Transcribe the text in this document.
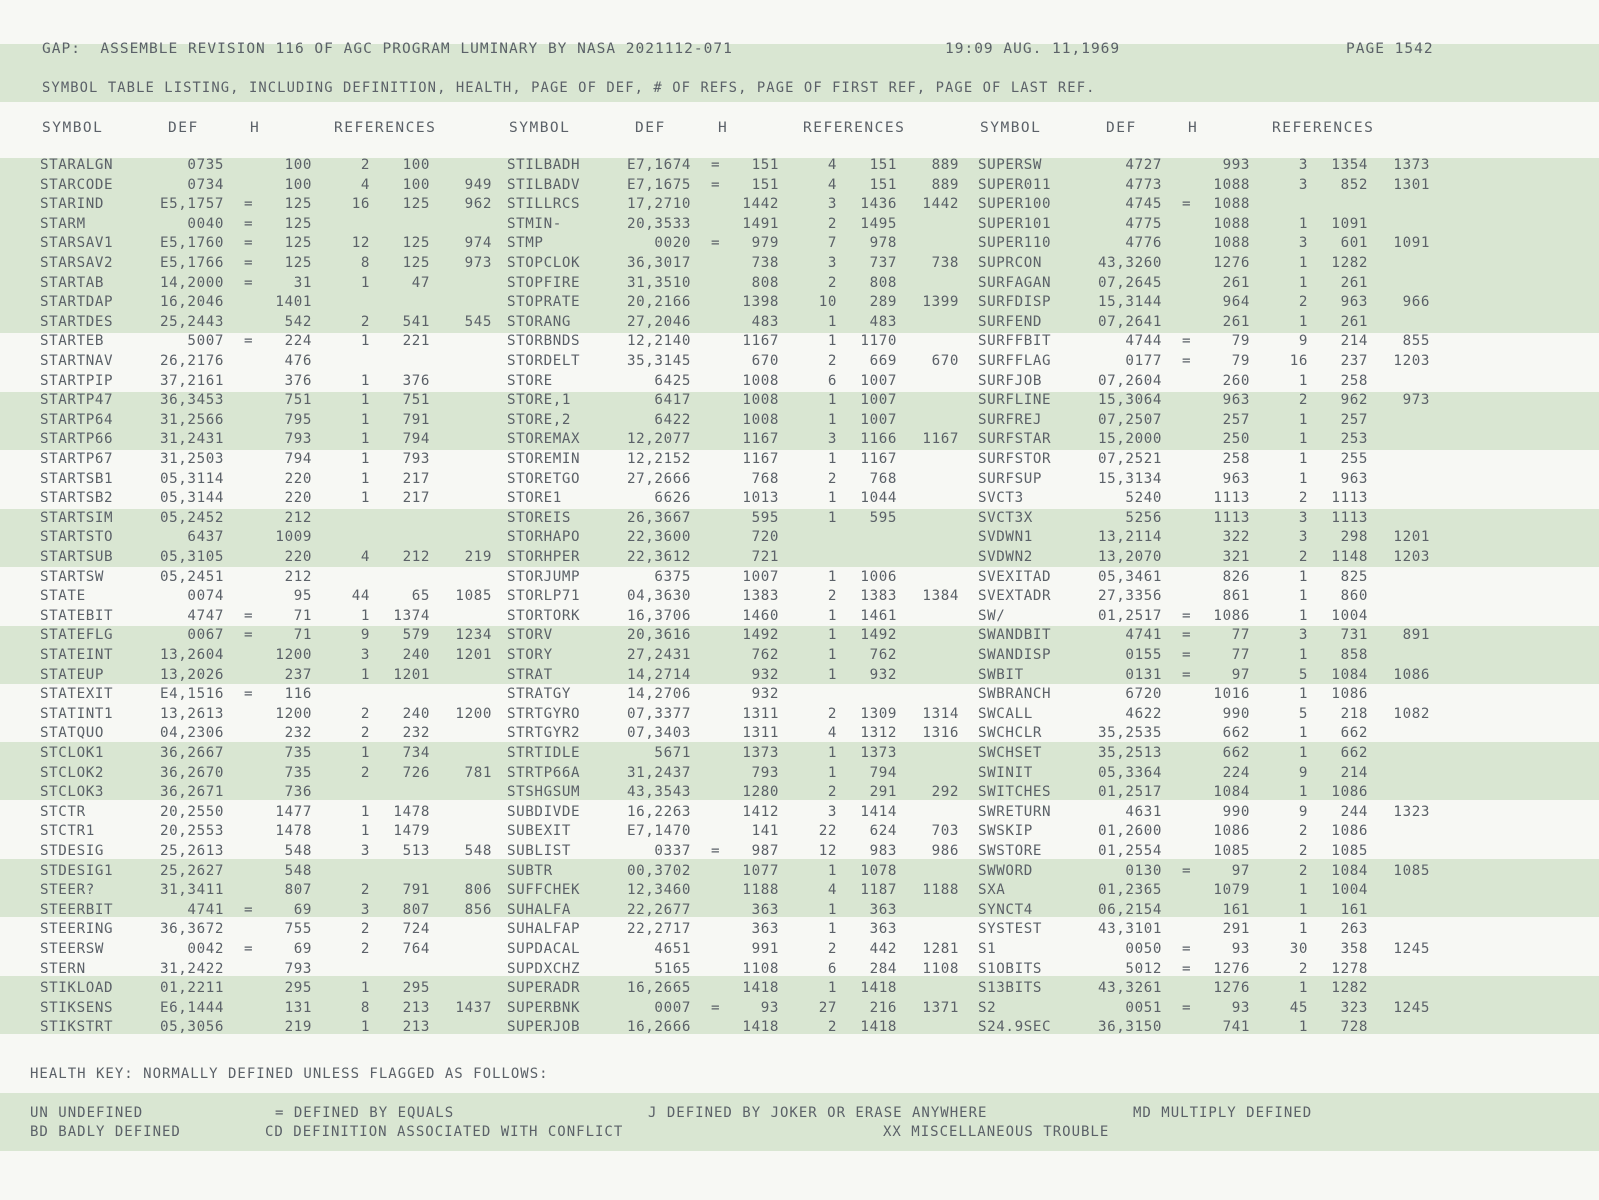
GAP:  ASSEMBLE REVISION 116 OF AGC PROGRAM LUMINARY BY NASA 2021112-071	19:09 AUG. 11,1969	PAGE 1542
SYMBOL TABLE LISTING, INCLUDING DEFINITION, HEALTH, PAGE OF DEF, # OF REFS, PAGE OF FIRST REF, PAGE OF LAST REF.
SYMBOL	DEF	H	REFERENCES	SYMBOL	DEF	H	REFERENCES	SYMBOL	DEF	H	REFERENCES
STARALGN	0735	100	2	100
STARCODE	0734	100	4	100	949
STARIND	E5,1757 =	125	16	125	962
STARM	0040 =	125
STARSAV1	E5,1760 =	125	12	125	974
STARSAV2	E5,1766 =	125	8	125	973
STARTAB	14,2000 =	31	1	47
STARTDAP	16,2046	1401
STARTDES	25,2443	542	2	541	545
STARTEB	5007 =	224	1	221
STARTNAV	26,2176	476
STARTPIP	37,2161	376	1	376
STARTP47	36,3453	751	1	751
STARTP64	31,2566	795	1	791
STARTP66	31,2431	793	1	794
STARTP67	31,2503	794	1	793
STARTSB1	05,3114	220	1	217
STARTSB2	05,3144	220	1	217
STARTSIM	05,2452	212
STARTSTO	6437	1009
STARTSUB	05,3105	220	4	212	219
STARTSW	05,2451	212
STATE	0074	95	44	65	1085
STATEBIT	4747 =	71	1	1374
STATEFLG	0067 =	71	9	579	1234
STATEINT	13,2604	1200	3	240	1201
STATEUP	13,2026	237	1	1201
STATEXIT	E4,1516 =	116
STATINT1	13,2613	1200	2	240	1200
STATQUO	04,2306	232	2	232
STCLOK1	36,2667	735	1	734
STCLOK2	36,2670	735	2	726	781
STCLOK3	36,2671	736
STCTR	20,2550	1477	1	1478
STCTR1	20,2553	1478	1	1479
STDESIG	25,2613	548	3	513	548
STDESIG1	25,2627	548
STEER?	31,3411	807	2	791	806
STEERBIT	4741 =	69	3	807	856
STEERING	36,3672	755	2	724
STEERSW	0042 =	69	2	764
STERN	31,2422	793
STIKLOAD	01,2211	295	1	295
STIKSENS	E6,1444	131	8	213	1437
STIKSTRT	05,3056	219	1	213
STILBADH	E7,1674 =	151	4	151	889
STILBADV	E7,1675 =	151	4	151	889
STILLRCS	17,2710	1442	3	1436	1442
STMIN-	20,3533	1491	2	1495
STMP	0020 =	979	7	978
STOPCLOK	36,3017	738	3	737	738
STOPFIRE	31,3510	808	2	808
STOPRATE	20,2166	1398	10	289	1399
STORANG	27,2046	483	1	483
STORBNDS	12,2140	1167	1	1170
STORDELT	35,3145	670	2	669	670
STORE	6425	1008	6	1007
STORE,1	6417	1008	1	1007
STORE,2	6422	1008	1	1007
STOREMAX	12,2077	1167	3	1166	1167
STOREMIN	12,2152	1167	1	1167
STORETGO	27,2666	768	2	768
STORE1	6626	1013	1	1044
STOREIS	26,3667	595	1	595
STORHAPO	22,3600	720
STORHPER	22,3612	721
STORJUMP	6375	1007	1	1006
STORLP71	04,3630	1383	2	1383	1384
STORTORK	16,3706	1460	1	1461
STORV	20,3616	1492	1	1492
STORY	27,2431	762	1	762
STRAT	14,2714	932	1	932
STRATGY	14,2706	932
STRTGYRO	07,3377	1311	2	1309	1314
STRTGYR2	07,3403	1311	4	1312	1316
STRTIDLE	5671	1373	1	1373
STRTP66A	31,2437	793	1	794
STSHGSUM	43,3543	1280	2	291	292
SUBDIVDE	16,2263	1412	3	1414
SUBEXIT	E7,1470	141	22	624	703
SUBLIST	0337 =	987	12	983	986
SUBTR	00,3702	1077	1	1078
SUFFCHEK	12,3460	1188	4	1187	1188
SUHALFA	22,2677	363	1	363
SUHALFAP	22,2717	363	1	363
SUPDACAL	4651	991	2	442	1281
SUPDXCHZ	5165	1108	6	284	1108
SUPERADR	16,2665	1418	1	1418
SUPERBNK	0007 =	93	27	216	1371
SUPERJOB	16,2666	1418	2	1418
SUPERSW	4727	993	3	1354	1373
SUPER011	4773	1088	3	852	1301
SUPER100	4745 =	1088
SUPER101	4775	1088	1	1091
SUPER110	4776	1088	3	601	1091
SUPRCON	43,3260	1276	1	1282
SURFAGAN	07,2645	261	1	261
SURFDISP	15,3144	964	2	963	966
SURFEND	07,2641	261	1	261
SURFFBIT	4744 =	79	9	214	855
SURFFLAG	0177 =	79	16	237	1203
SURFJOB	07,2604	260	1	258
SURFLINE	15,3064	963	2	962	973
SURFREJ	07,2507	257	1	257
SURFSTAR	15,2000	250	1	253
SURFSTOR	07,2521	258	1	255
SURFSUP	15,3134	963	1	963
SVCT3	5240	1113	2	1113
SVCT3X	5256	1113	3	1113
SVDWN1	13,2114	322	3	298	1201
SVDWN2	13,2070	321	2	1148	1203
SVEXITAD	05,3461	826	1	825
SVEXTADR	27,3356	861	1	860
SW/	01,2517 =	1086	1	1004
SWANDBIT	4741 =	77	3	731	891
SWANDISP	0155 =	77	1	858
SWBIT	0131 =	97	5	1084	1086
SWBRANCH	6720	1016	1	1086
SWCALL	4622	990	5	218	1082
SWCHCLR	35,2535	662	1	662
SWCHSET	35,2513	662	1	662
SWINIT	05,3364	224	9	214
SWITCHES	01,2517	1084	1	1086
SWRETURN	4631	990	9	244	1323
SWSKIP	01,2600	1086	2	1086
SWSTORE	01,2554	1085	2	1085
SWWORD	0130 =	97	2	1084	1085
SXA	01,2365	1079	1	1004
SYNCT4	06,2154	161	1	161
SYSTEST	43,3101	291	1	263
S1	0050 =	93	30	358	1245
S1OBITS	5012 =	1276	2	1278
S13BITS	43,3261	1276	1	1282
S2	0051 =	93	45	323	1245
S24.9SEC	36,3150	741	1	728
HEALTH KEY: NORMALLY DEFINED UNLESS FLAGGED AS FOLLOWS:
UN UNDEFINED	= DEFINED BY EQUALS	J DEFINED BY JOKER OR ERASE ANYWHERE	MD MULTIPLY DEFINED
BD BADLY DEFINED	CD DEFINITION ASSOCIATED WITH CONFLICT	XX MISCELLANEOUS TROUBLE
